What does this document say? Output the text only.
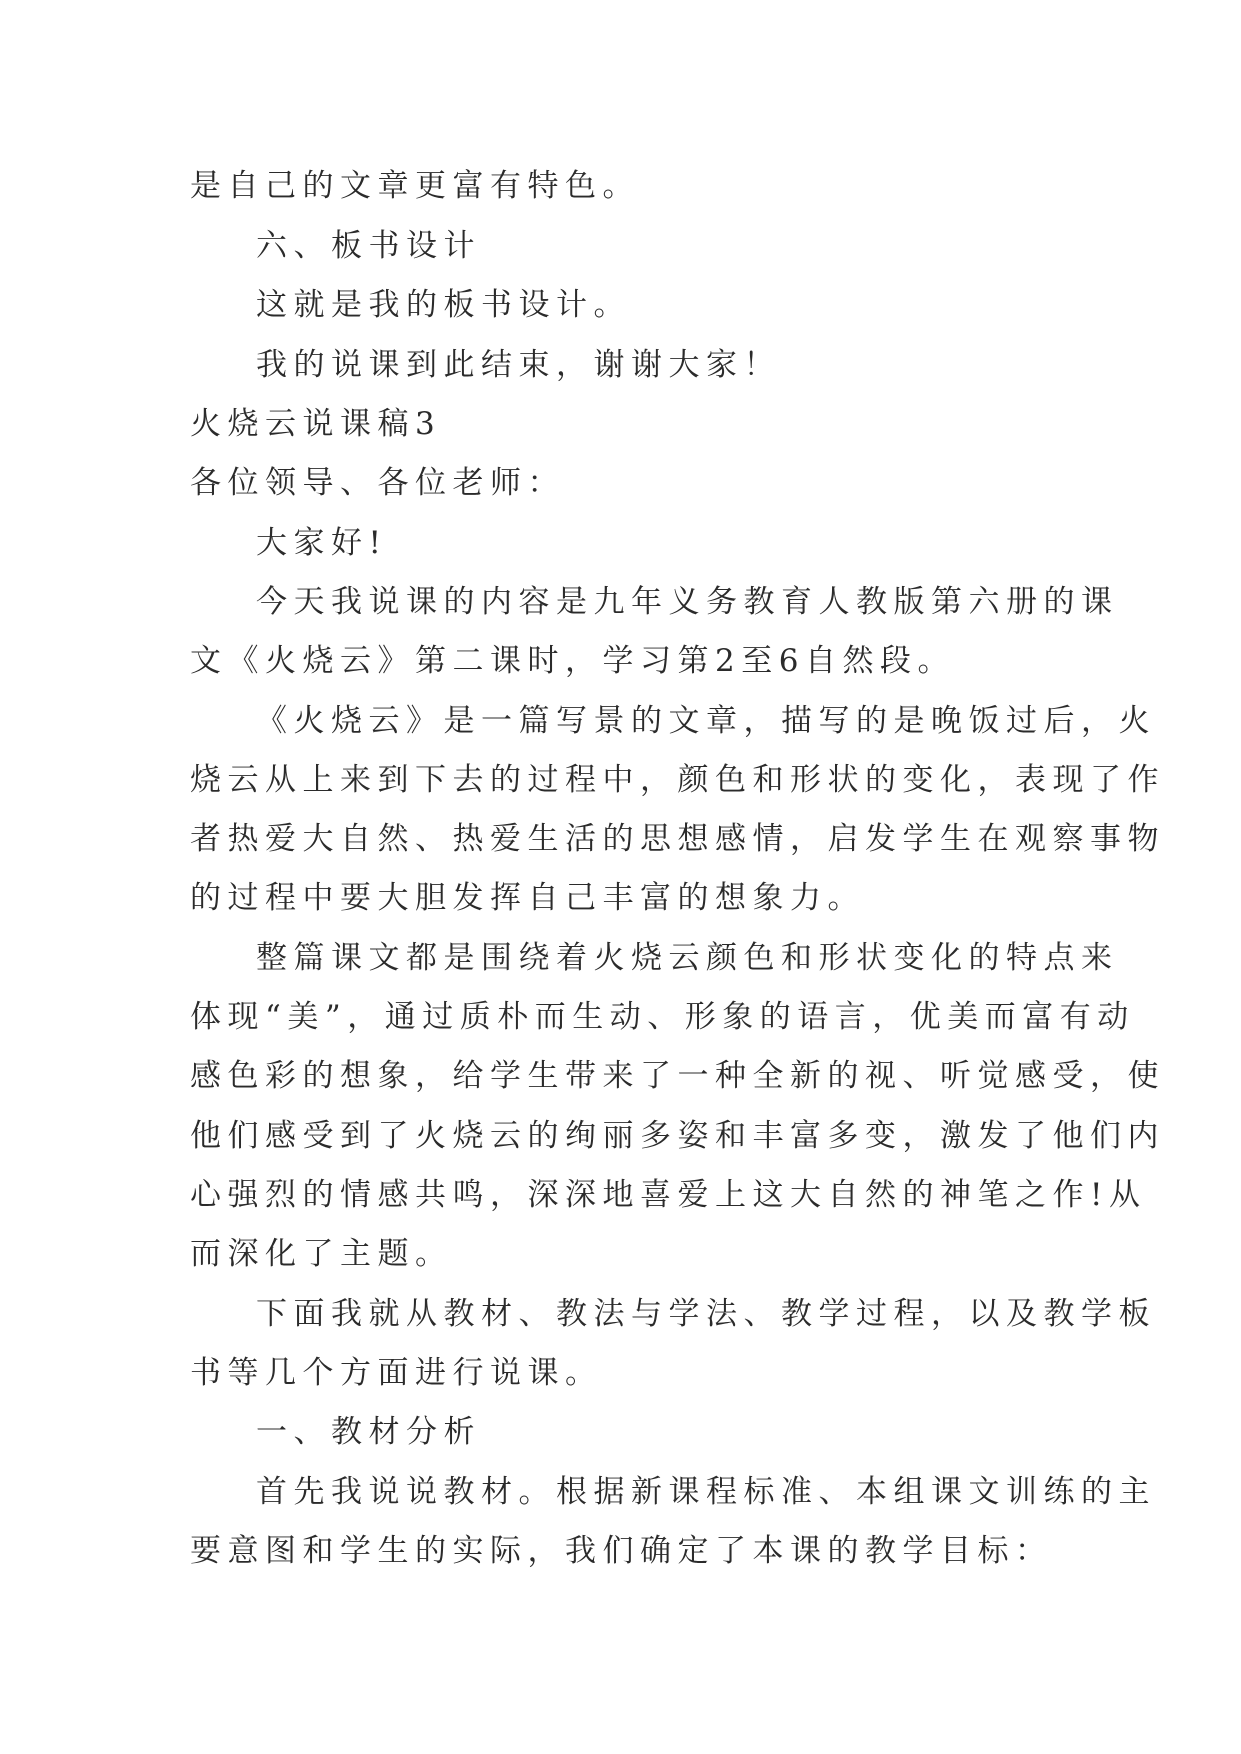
是自己的文章更富有特色。
六、板书设计
这就是我的板书设计。
我的说课到此结束，谢谢大家！
火烧云说课稿3
各位领导、各位老师：
大家好!
今天我说课的内容是九年义务教育人教版第六册的课
文《火烧云》第二课时，学习第2至6自然段。
《火烧云》是一篇写景的文章，描写的是晚饭过后，火
烧云从上来到下去的过程中，颜色和形状的变化，表现了作
者热爱大自然、热爱生活的思想感情，启发学生在观察事物
的过程中要大胆发挥自己丰富的想象力。
整篇课文都是围绕着火烧云颜色和形状变化的特点来
体现“美”，通过质朴而生动、形象的语言，优美而富有动
感色彩的想象，给学生带来了一种全新的视、听觉感受，使
他们感受到了火烧云的绚丽多姿和丰富多变，激发了他们内
心强烈的情感共鸣，深深地喜爱上这大自然的神笔之作!从
而深化了主题。
下面我就从教材、教法与学法、教学过程，以及教学板
书等几个方面进行说课。
一、教材分析
首先我说说教材。根据新课程标准、本组课文训练的主
要意图和学生的实际，我们确定了本课的教学目标：
